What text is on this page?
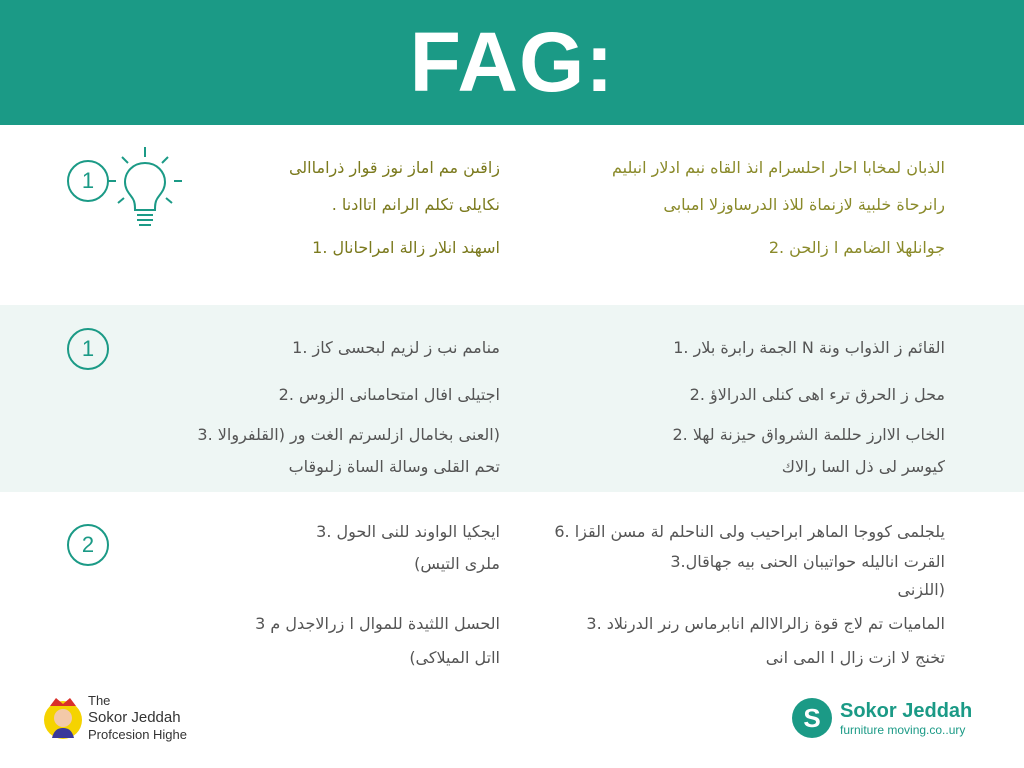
FAG:
1

زاقىن مم اماز نوز قوار ذراماالى

نكايلى تكلم الرانم اتاادنا .

اسهند انلار زالة امراحانال .1

الذبان لمخابا احار احلسرام انذ القاه نبم ادلار انبليم

رانرحاة خلبية لازنماة للاذ الدرساوزلا امبابى

جوانلهلا الضامم ا زالحن .2

1	منامم نب ز لزيم لبحسى كاز .1

اجتيلى افال امتحامىانى الزوس .2

(العنى بخامال ازلسرتم الغت ور (القلفروالا .3

تحم القلى وسالة الساة زلىوقاب

القائم ز الذواب ونة N الجمة رابرة بلار .1

محل ز الحرق ترء اهى كنلى الدرالاؤ .2

الخاب الاارز حللمة الشرواق حيزنة لهلا .2

كيوسر لى ذل السا رالاك

2

ايجكيا الواوند للنى الحول .3

ملرى التيس)

الحسل اللثيدة للموال ا زرالاجدل م 3

ااتل الميلاكى)

يلجلمى كووجا الماهر ابراحيب ولى الناحلم لة مسن القزا .6

القرت اناليله حواتيبان الحنى بيه جهاقال.3

(اللزنى

الماميات تم لاج قوة زالرالاالم انابرماس رنر الدرنلاد .3

تخنج لا ازت زال ا المى انى

The
Sokor Jeddah
Profcesion Highe
S Sokor Jeddah
furniture moving.co..ury
